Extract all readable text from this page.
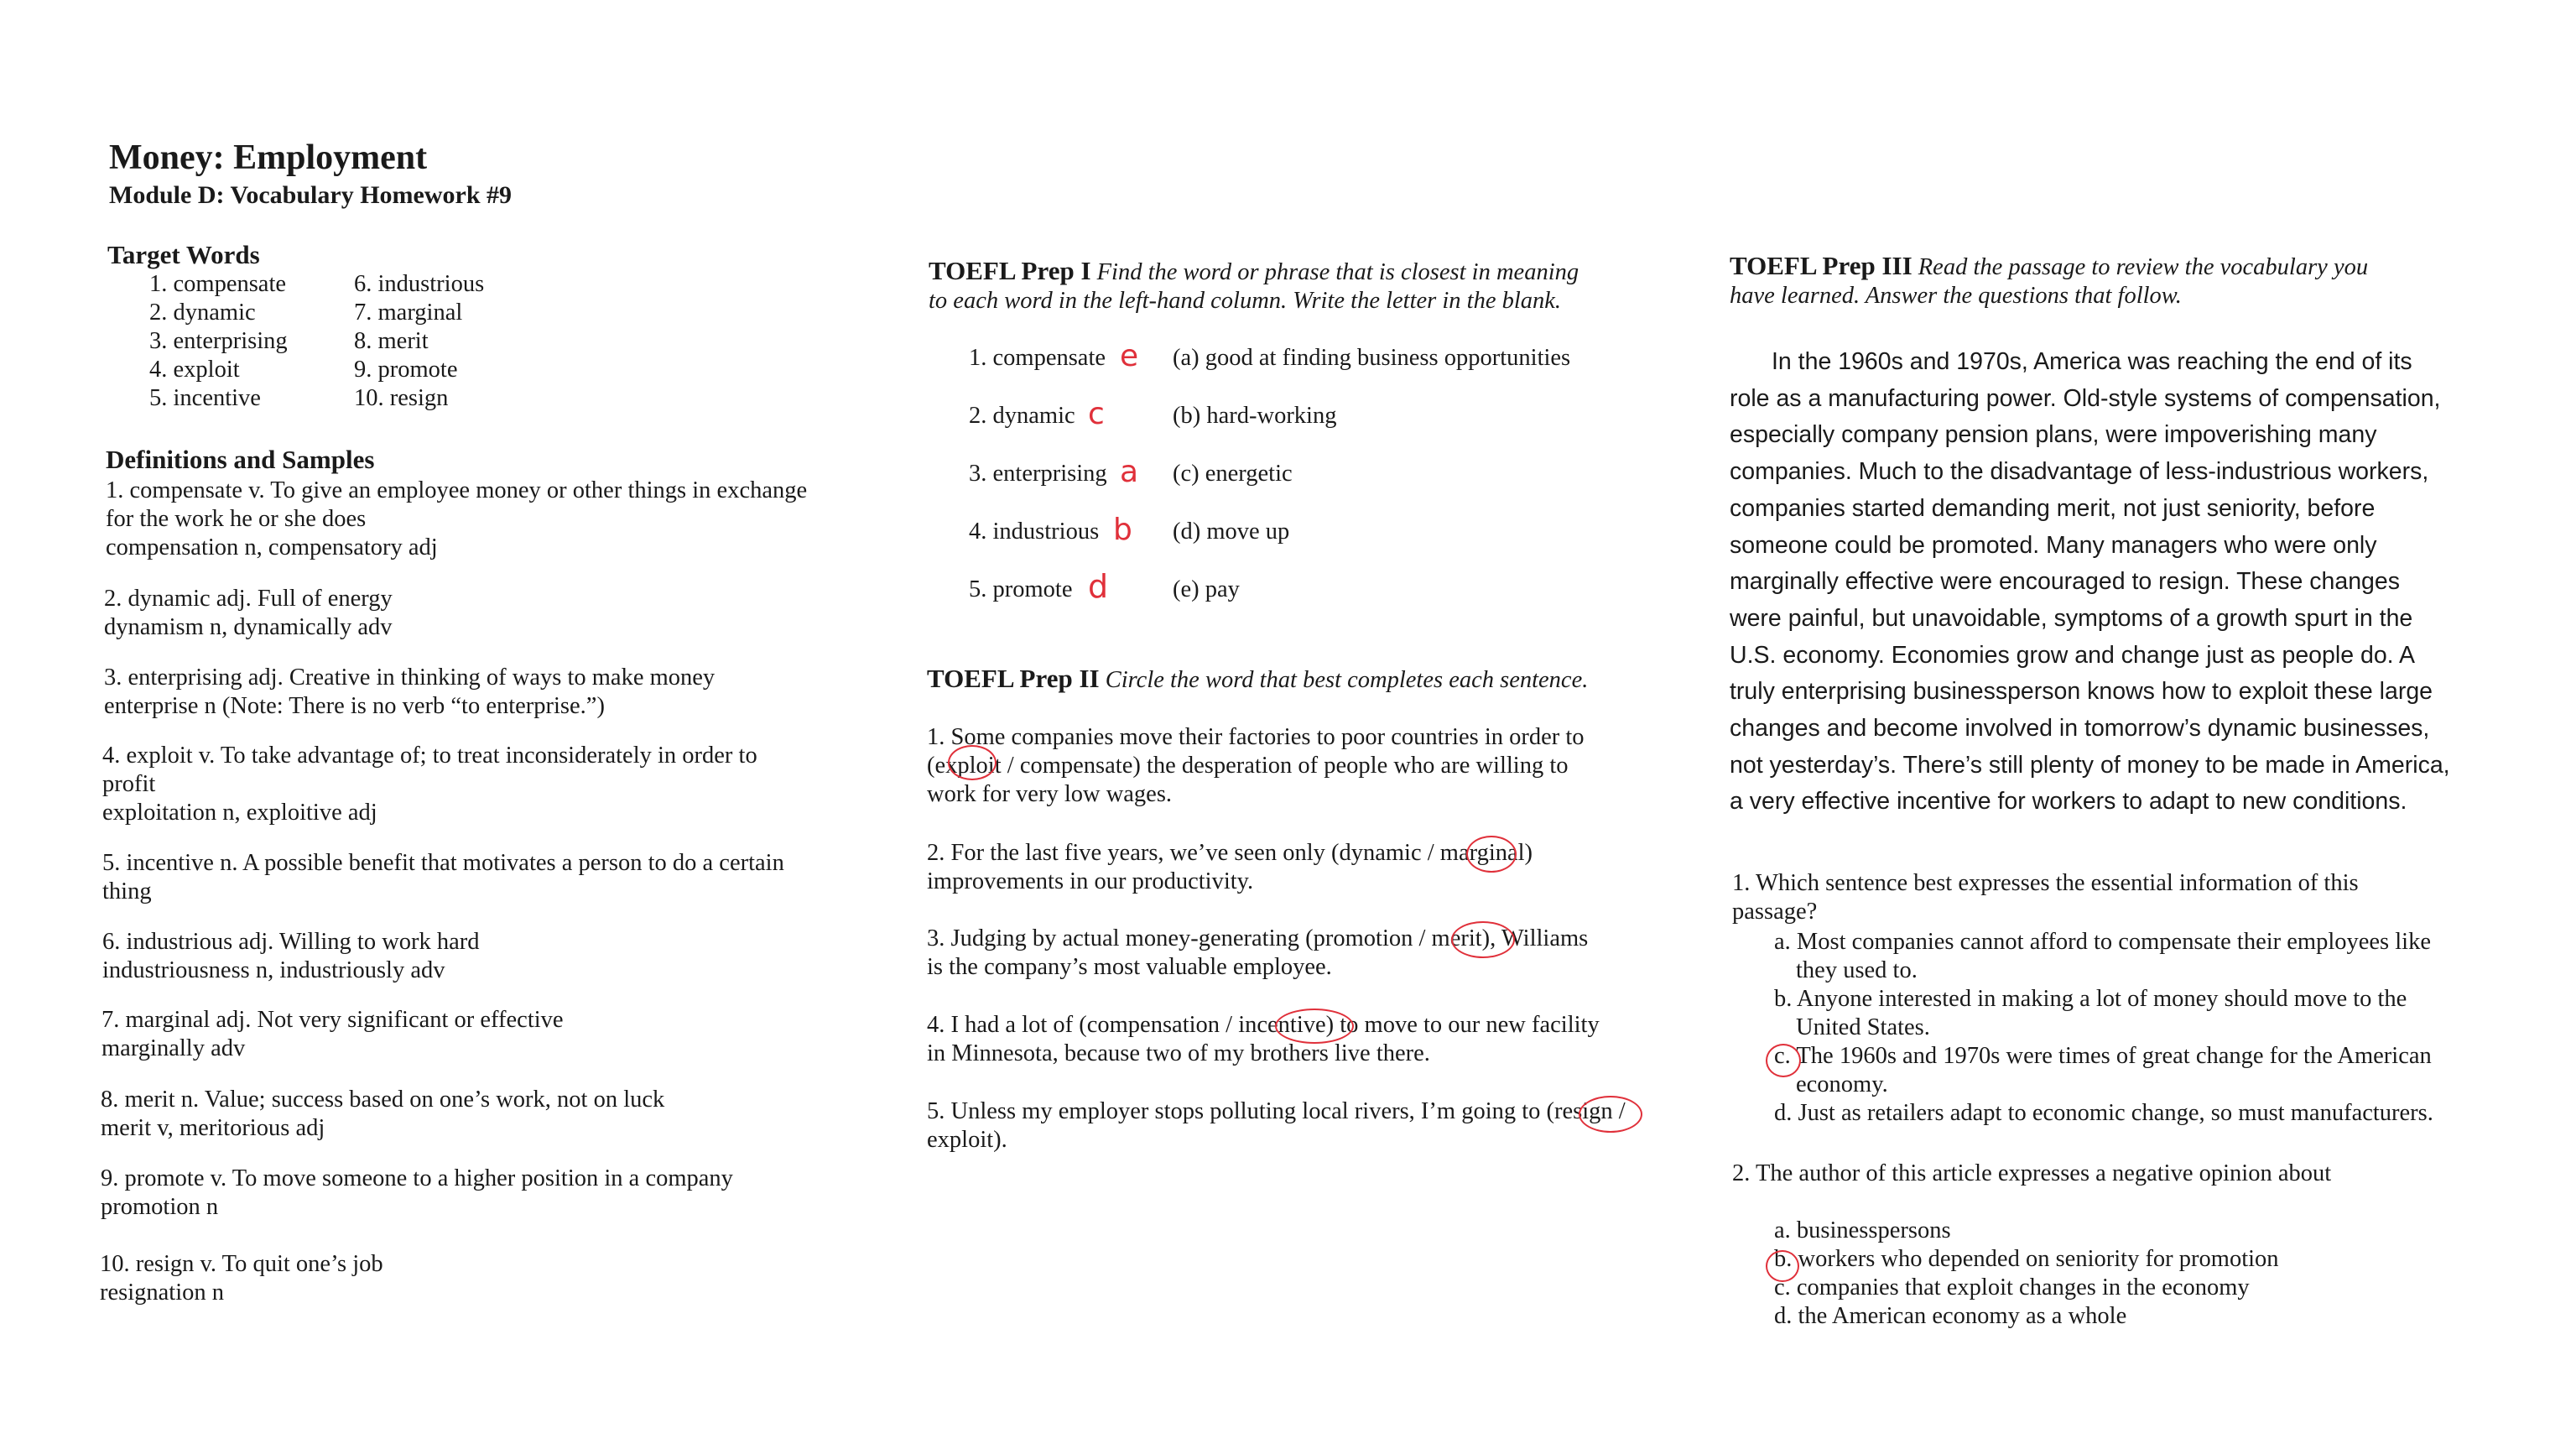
Money: Employment
Module D: Vocabulary Homework #9
Target Words
1. compensate
2. dynamic
3. enterprising
4. exploit
5. incentive
6. industrious
7. marginal
8. merit
9. promote
10. resign
Definitions and Samples
1. compensate v. To give an employee money or other things in exchange
for the work he or she does
compensation n, compensatory adj
2. dynamic adj. Full of energy
dynamism n, dynamically adv
3. enterprising adj. Creative in thinking of ways to make money
enterprise n (Note: There is no verb “to enterprise.”)
4. exploit v. To take advantage of; to treat inconsiderately in order to
profit
exploitation n, exploitive adj
5. incentive n. A possible benefit that motivates a person to do a certain
thing
6. industrious adj. Willing to work hard
industriousness n, industriously adv
7. marginal adj. Not very significant or effective
marginally adv
8. merit n. Value; success based on one’s work, not on luck
merit v, meritorious adj
9. promote v. To move someone to a higher position in a company
promotion n
10. resign v. To quit one’s job
resignation n
TOEFL Prep I Find the word or phrase that is closest in meaning
to each word in the left-hand column. Write the letter in the blank.
1. compensate e (a) good at finding business opportunities
2. dynamic c	(b) hard-working
3. enterprising a (c) energetic
4. industrious b (d) move up
5. promote d	(e) pay
TOEFL Prep II Circle the word that best completes each sentence.
1. Some companies move their factories to poor countries in order to
(exploit / compensate) the desperation of people who are willing to
work for very low wages.
2. For the last five years, we’ve seen only (dynamic / marginal)
improvements in our productivity.
3. Judging by actual money-generating (promotion / merit), Williams
is the company’s most valuable employee.
4. I had a lot of (compensation / incentive) to move to our new facility
in Minnesota, because two of my brothers live there.
5. Unless my employer stops polluting local rivers, I’m going to (resign /
exploit).
TOEFL Prep III Read the passage to review the vocabulary you
have learned. Answer the questions that follow.
In the 1960s and 1970s, America was reaching the end of its
role as a manufacturing power. Old-style systems of compensation,
especially company pension plans, were impoverishing many
companies. Much to the disadvantage of less-industrious workers,
companies started demanding merit, not just seniority, before
someone could be promoted. Many managers who were only
marginally effective were encouraged to resign. These changes
were painful, but unavoidable, symptoms of a growth spurt in the
U.S. economy. Economies grow and change just as people do. A
truly enterprising businessperson knows how to exploit these large
changes and become involved in tomorrow’s dynamic businesses,
not yesterday’s. There’s still plenty of money to be made in America,
a very effective incentive for workers to adapt to new conditions.
1. Which sentence best expresses the essential information of this
passage?
a. Most companies cannot afford to compensate their employees like
they used to.
b. Anyone interested in making a lot of money should move to the
United States.
c. The 1960s and 1970s were times of great change for the American
economy.
d. Just as retailers adapt to economic change, so must manufacturers.
2. The author of this article expresses a negative opinion about
a. businesspersons
b. workers who depended on seniority for promotion
c. companies that exploit changes in the economy
d. the American economy as a whole
